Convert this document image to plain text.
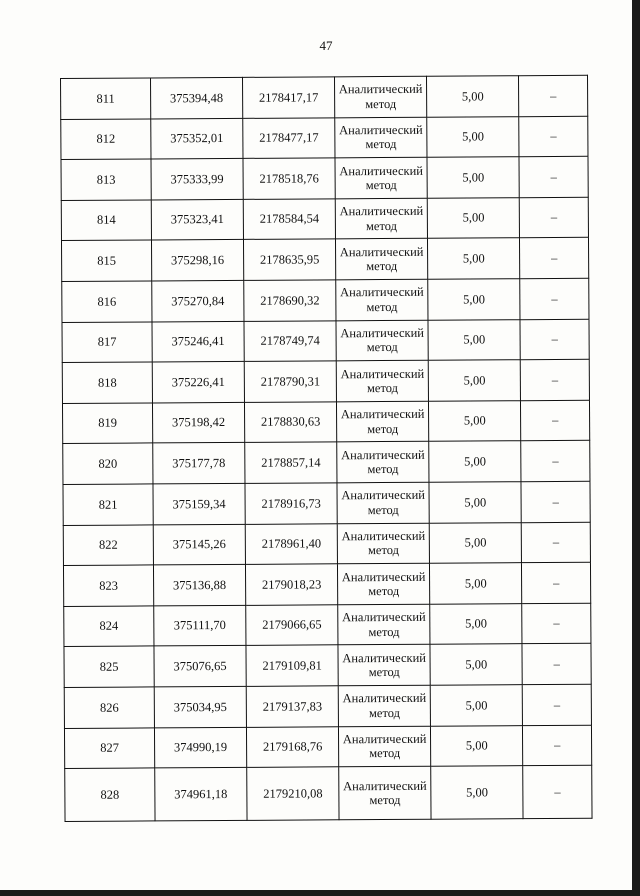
47
811	375394,48	2178417,17	Аналитический метод	5,00	–
812	375352,01	2178477,17	Аналитический метод	5,00	–
813	375333,99	2178518,76	Аналитический метод	5,00	–
814	375323,41	2178584,54	Аналитический метод	5,00	–
815	375298,16	2178635,95	Аналитический метод	5,00	–
816	375270,84	2178690,32	Аналитический метод	5,00	–
817	375246,41	2178749,74	Аналитический метод	5,00	–
818	375226,41	2178790,31	Аналитический метод	5,00	–
819	375198,42	2178830,63	Аналитический метод	5,00	–
820	375177,78	2178857,14	Аналитический метод	5,00	–
821	375159,34	2178916,73	Аналитический метод	5,00	–
822	375145,26	2178961,40	Аналитический метод	5,00	–
823	375136,88	2179018,23	Аналитический метод	5,00	–
824	375111,70	2179066,65	Аналитический метод	5,00	–
825	375076,65	2179109,81	Аналитический метод	5,00	–
826	375034,95	2179137,83	Аналитический метод	5,00	–
827	374990,19	2179168,76	Аналитический метод	5,00	–
828	374961,18	2179210,08	Аналитический метод	5,00	–
